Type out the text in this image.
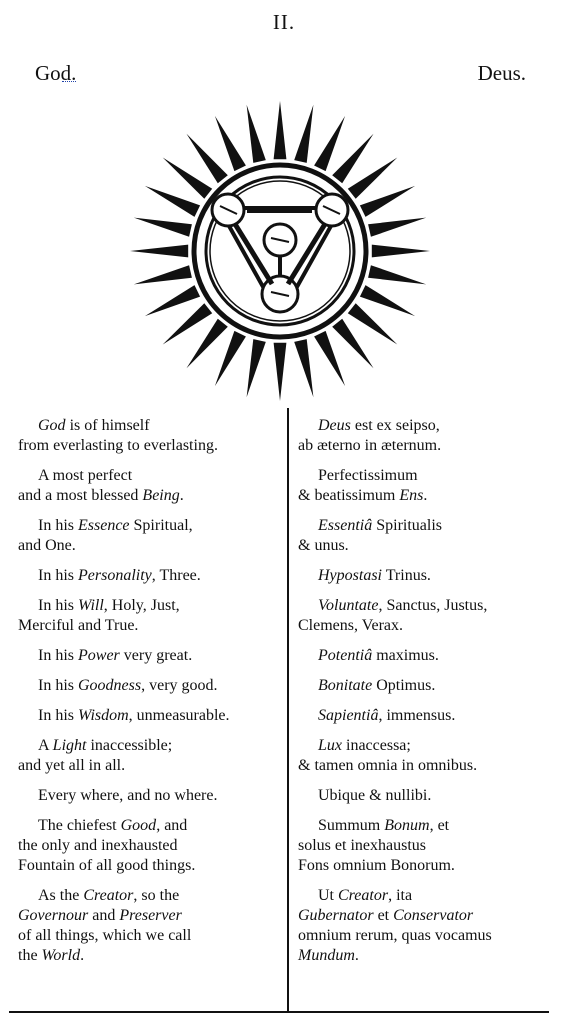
II.
God.	Deus.
God is of himself
from everlasting to everlasting.
A most perfect
and a most blessed Being.
In his Essence Spiritual,
and One.
In his Personality, Three.
In his Will, Holy, Just,
Merciful and True.
In his Power very great.
In his Goodness, very good.
In his Wisdom, unmeasurable.
A Light inaccessible;
and yet all in all.
Every where, and no where.
The chiefest Good, and
the only and inexhausted
Fountain of all good things.
As the Creator, so the
Governour and Preserver
of all things, which we call
the World.
Deus est ex seipso,
ab æterno in æternum.
Perfectissimum
& beatissimum Ens.
Essentiâ Spiritualis
& unus.
Hypostasi Trinus.
Voluntate, Sanctus, Justus,
Clemens, Verax.
Potentiâ maximus.
Bonitate Optimus.
Sapientiâ, immensus.
Lux inaccessa;
& tamen omnia in omnibus.
Ubique & nullibi.
Summum Bonum, et
solus et inexhaustus
Fons omnium Bonorum.
Ut Creator, ita
Gubernator et Conservator
omnium rerum, quas vocamus
Mundum.
